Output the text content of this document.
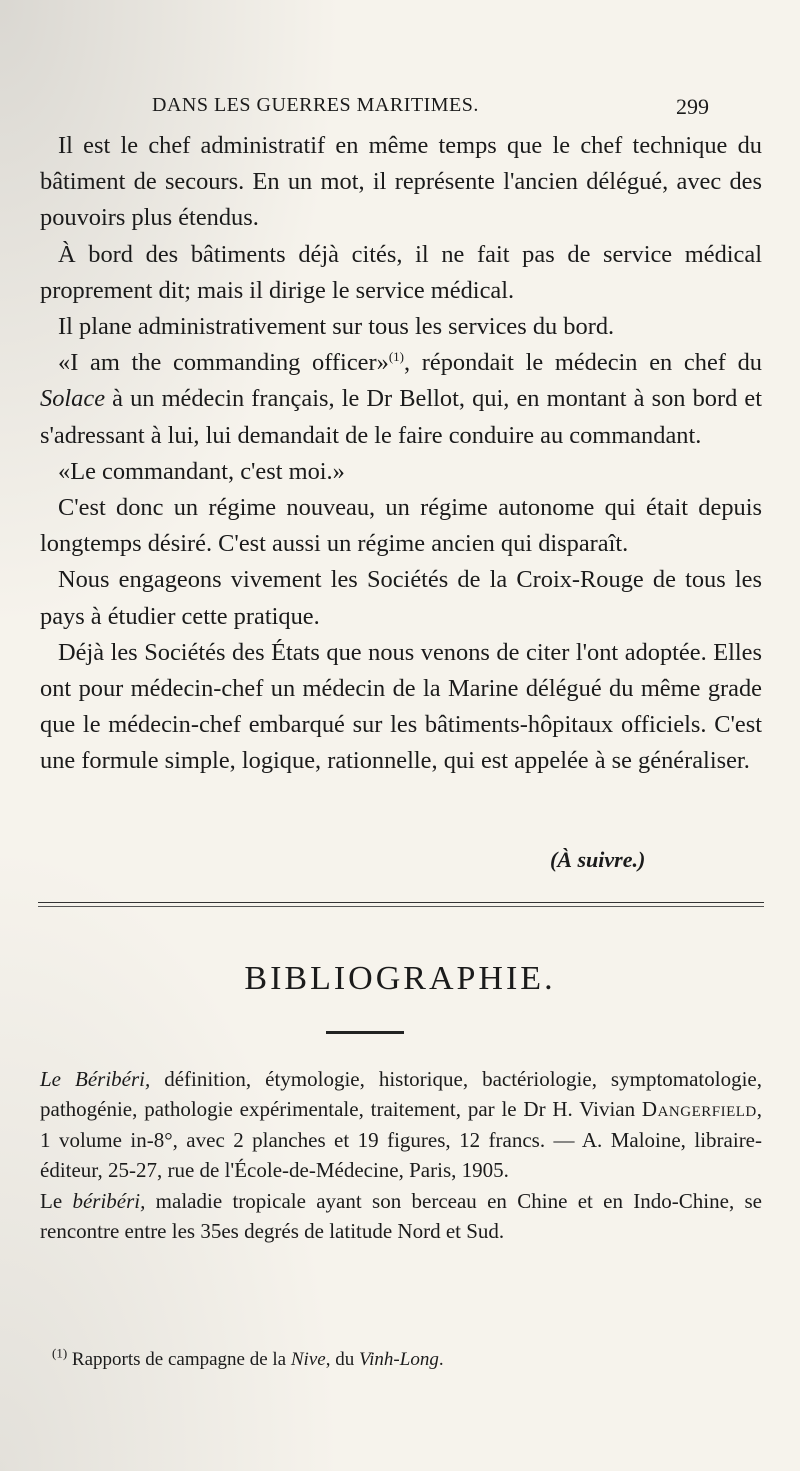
DANS LES GUERRES MARITIMES.	299

Il est le chef administratif en même temps que le chef technique du bâtiment de secours. En un mot, il représente l'ancien délégué, avec des pouvoirs plus étendus.

À bord des bâtiments déjà cités, il ne fait pas de service médical proprement dit; mais il dirige le service médical.

Il plane administrativement sur tous les services du bord.

«I am the commanding officer»$^{(1)}$, répondait le médecin en chef du Solace à un médecin français, le Dr Bellot, qui, en montant à son bord et s'adressant à lui, lui demandait de le faire conduire au commandant.

«Le commandant, c'est moi.»

C'est donc un régime nouveau, un régime autonome qui était depuis longtemps désiré. C'est aussi un régime ancien qui disparaît.

Nous engageons vivement les Sociétés de la Croix-Rouge de tous les pays à étudier cette pratique.

Déjà les Sociétés des États que nous venons de citer l'ont adoptée. Elles ont pour médecin-chef un médecin de la Marine délégué du même grade que le médecin-chef embarqué sur les bâtiments-hôpitaux officiels. C'est une formule simple, logique, rationnelle, qui est appelée à se généraliser.

(À suivre.)
BIBLIOGRAPHIE.

Le Béribéri, définition, étymologie, historique, bactériologie, symptomatologie, pathogénie, pathologie expérimentale, traitement, par le Dr H. Vivian Dangerfield, 1 volume in-8°, avec 2 planches et 19 figures, 12 francs. — A. Maloine, libraire-éditeur, 25-27, rue de l'École-de-Médecine, Paris, 1905.

Le béribéri, maladie tropicale ayant son berceau en Chine et en Indo-Chine, se rencontre entre les 35es degrés de latitude Nord et Sud.

$^{(1)}$ Rapports de campagne de la Nive, du Vinh-Long.
